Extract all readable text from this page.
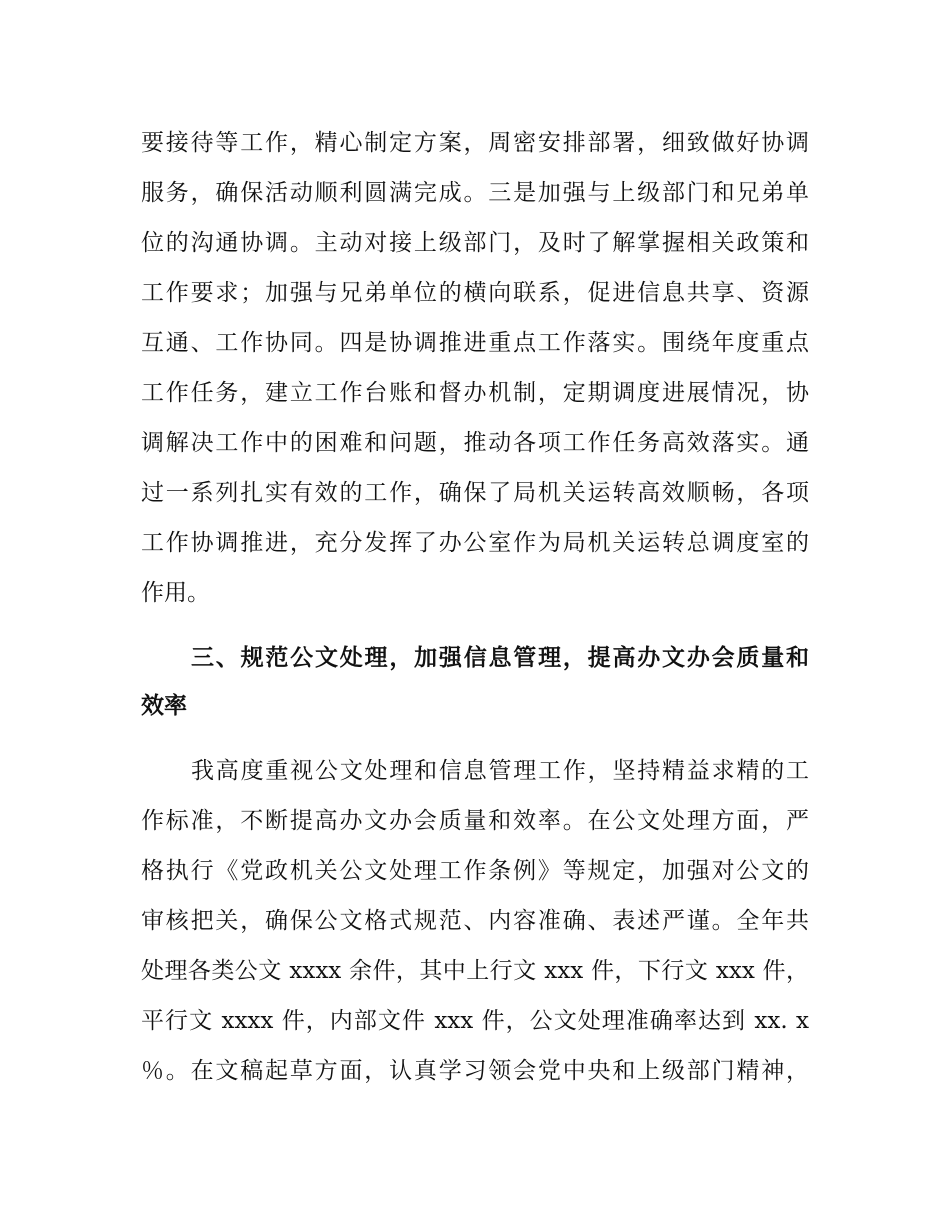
要接待等工作，精心制定方案，周密安排部署，细致做好协调
服务，确保活动顺利圆满完成。三是加强与上级部门和兄弟单
位的沟通协调。主动对接上级部门，及时了解掌握相关政策和
工作要求；加强与兄弟单位的横向联系，促进信息共享、资源
互通、工作协同。四是协调推进重点工作落实。围绕年度重点
工作任务，建立工作台账和督办机制，定期调度进展情况，协
调解决工作中的困难和问题，推动各项工作任务高效落实。通
过一系列扎实有效的工作，确保了局机关运转高效顺畅，各项
工作协调推进，充分发挥了办公室作为局机关运转总调度室的
作用。
三、规范公文处理，加强信息管理，提高办文办会质量和
效率
我高度重视公文处理和信息管理工作，坚持精益求精的工
作标准，不断提高办文办会质量和效率。在公文处理方面，严
格执行《党政机关公文处理工作条例》等规定，加强对公文的
审核把关，确保公文格式规范、内容准确、表述严谨。全年共
处理各类公文 xxxx 余件，其中上行文 xxx 件，下行文 xxx 件，
平行文 xxxx 件，内部文件 xxx 件，公文处理准确率达到 xx. x
％。在文稿起草方面，认真学习领会党中央和上级部门精神，
